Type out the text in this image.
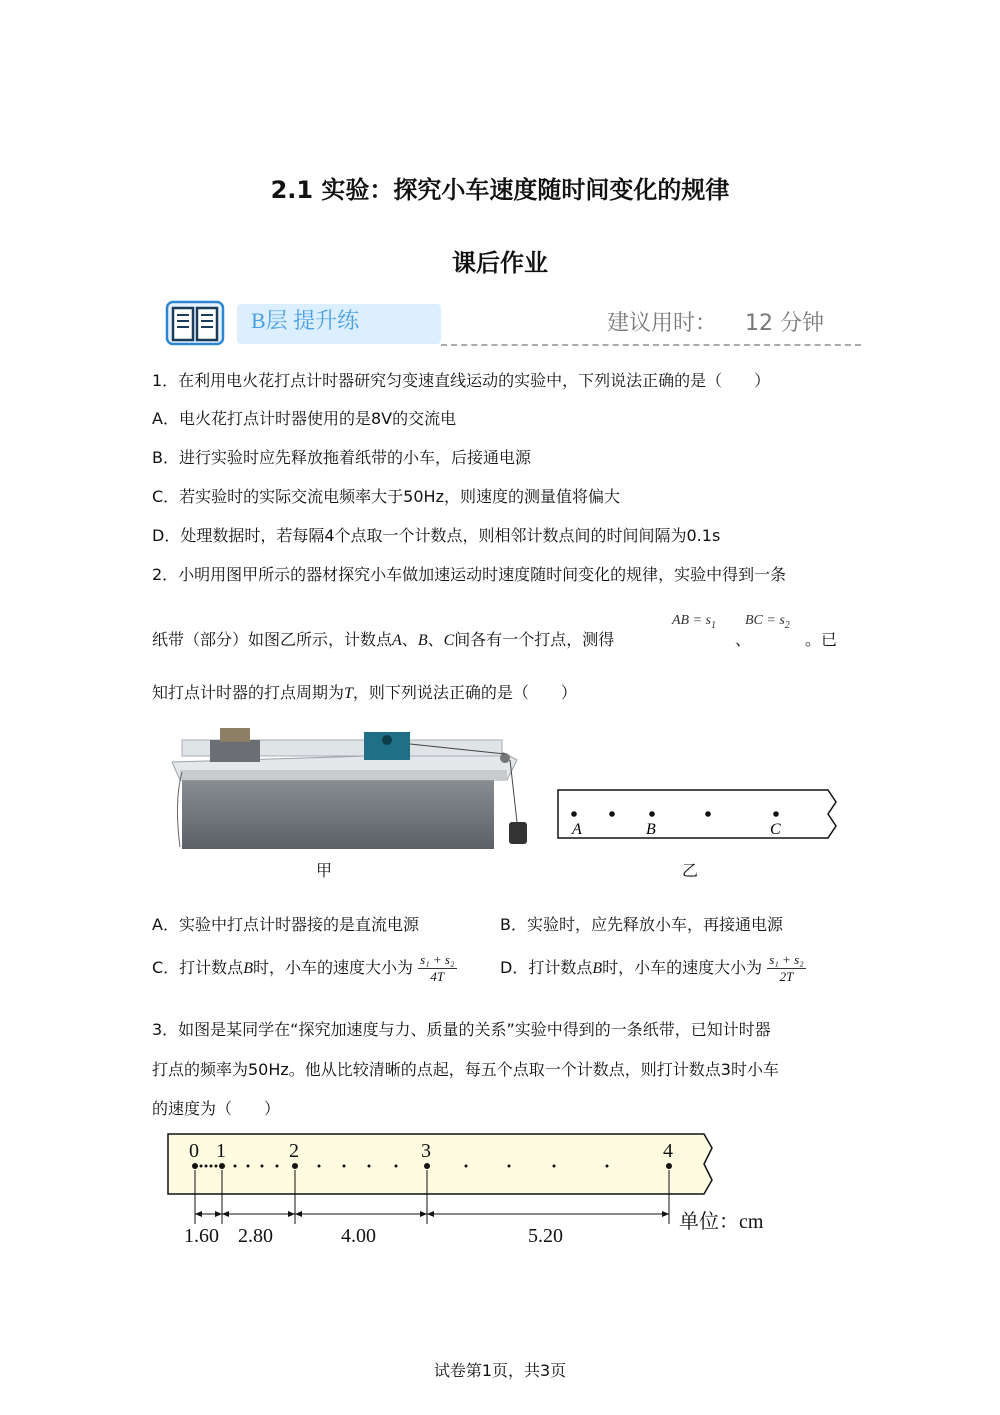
2.1 实验：探究小车速度随时间变化的规律
课后作业
B层 提升练	建议用时： 12 分钟
1．在利用电火花打点计时器研究匀变速直线运动的实验中，下列说法正确的是（　　）
A．电火花打点计时器使用的是8V的交流电
B．进行实验时应先释放拖着纸带的小车，后接通电源
C．若实验时的实际交流电频率大于50Hz，则速度的测量值将偏大
D．处理数据时，若每隔4个点取一个计数点，则相邻计数点间的时间间隔为0.1s
2．小明用图甲所示的器材探究小车做加速运动时速度随时间变化的规律，实验中得到一条
纸带（部分）如图乙所示，计数点A、B、C间各有一个打点，测得
AB = $s_1$
、
BC = $s_2$
。已
知打点计时器的打点周期为T，则下列说法正确的是（　　）
甲
A	B	C
乙
A．实验中打点计时器接的是直流电源	B．实验时，应先释放小车，再接通电源
C．打计数点B时，小车的速度大小为 $\frac{\text{s₁ + s₂}}{4T}$	D．打计数点B时，小车的速度大小为 $\frac{\text{s₁ + s₂}}{2T}$
3．如图是某同学在“探究加速度与力、质量的关系”实验中得到的一条纸带，已知计时器
打点的频率为50Hz。他从比较清晰的点起，每五个点取一个计数点，则打计数点3时小车
的速度为（　　）
0 1	2	3	4
1.60 2.80	4.00	5.20
单位：cm
试卷第1页，共3页
